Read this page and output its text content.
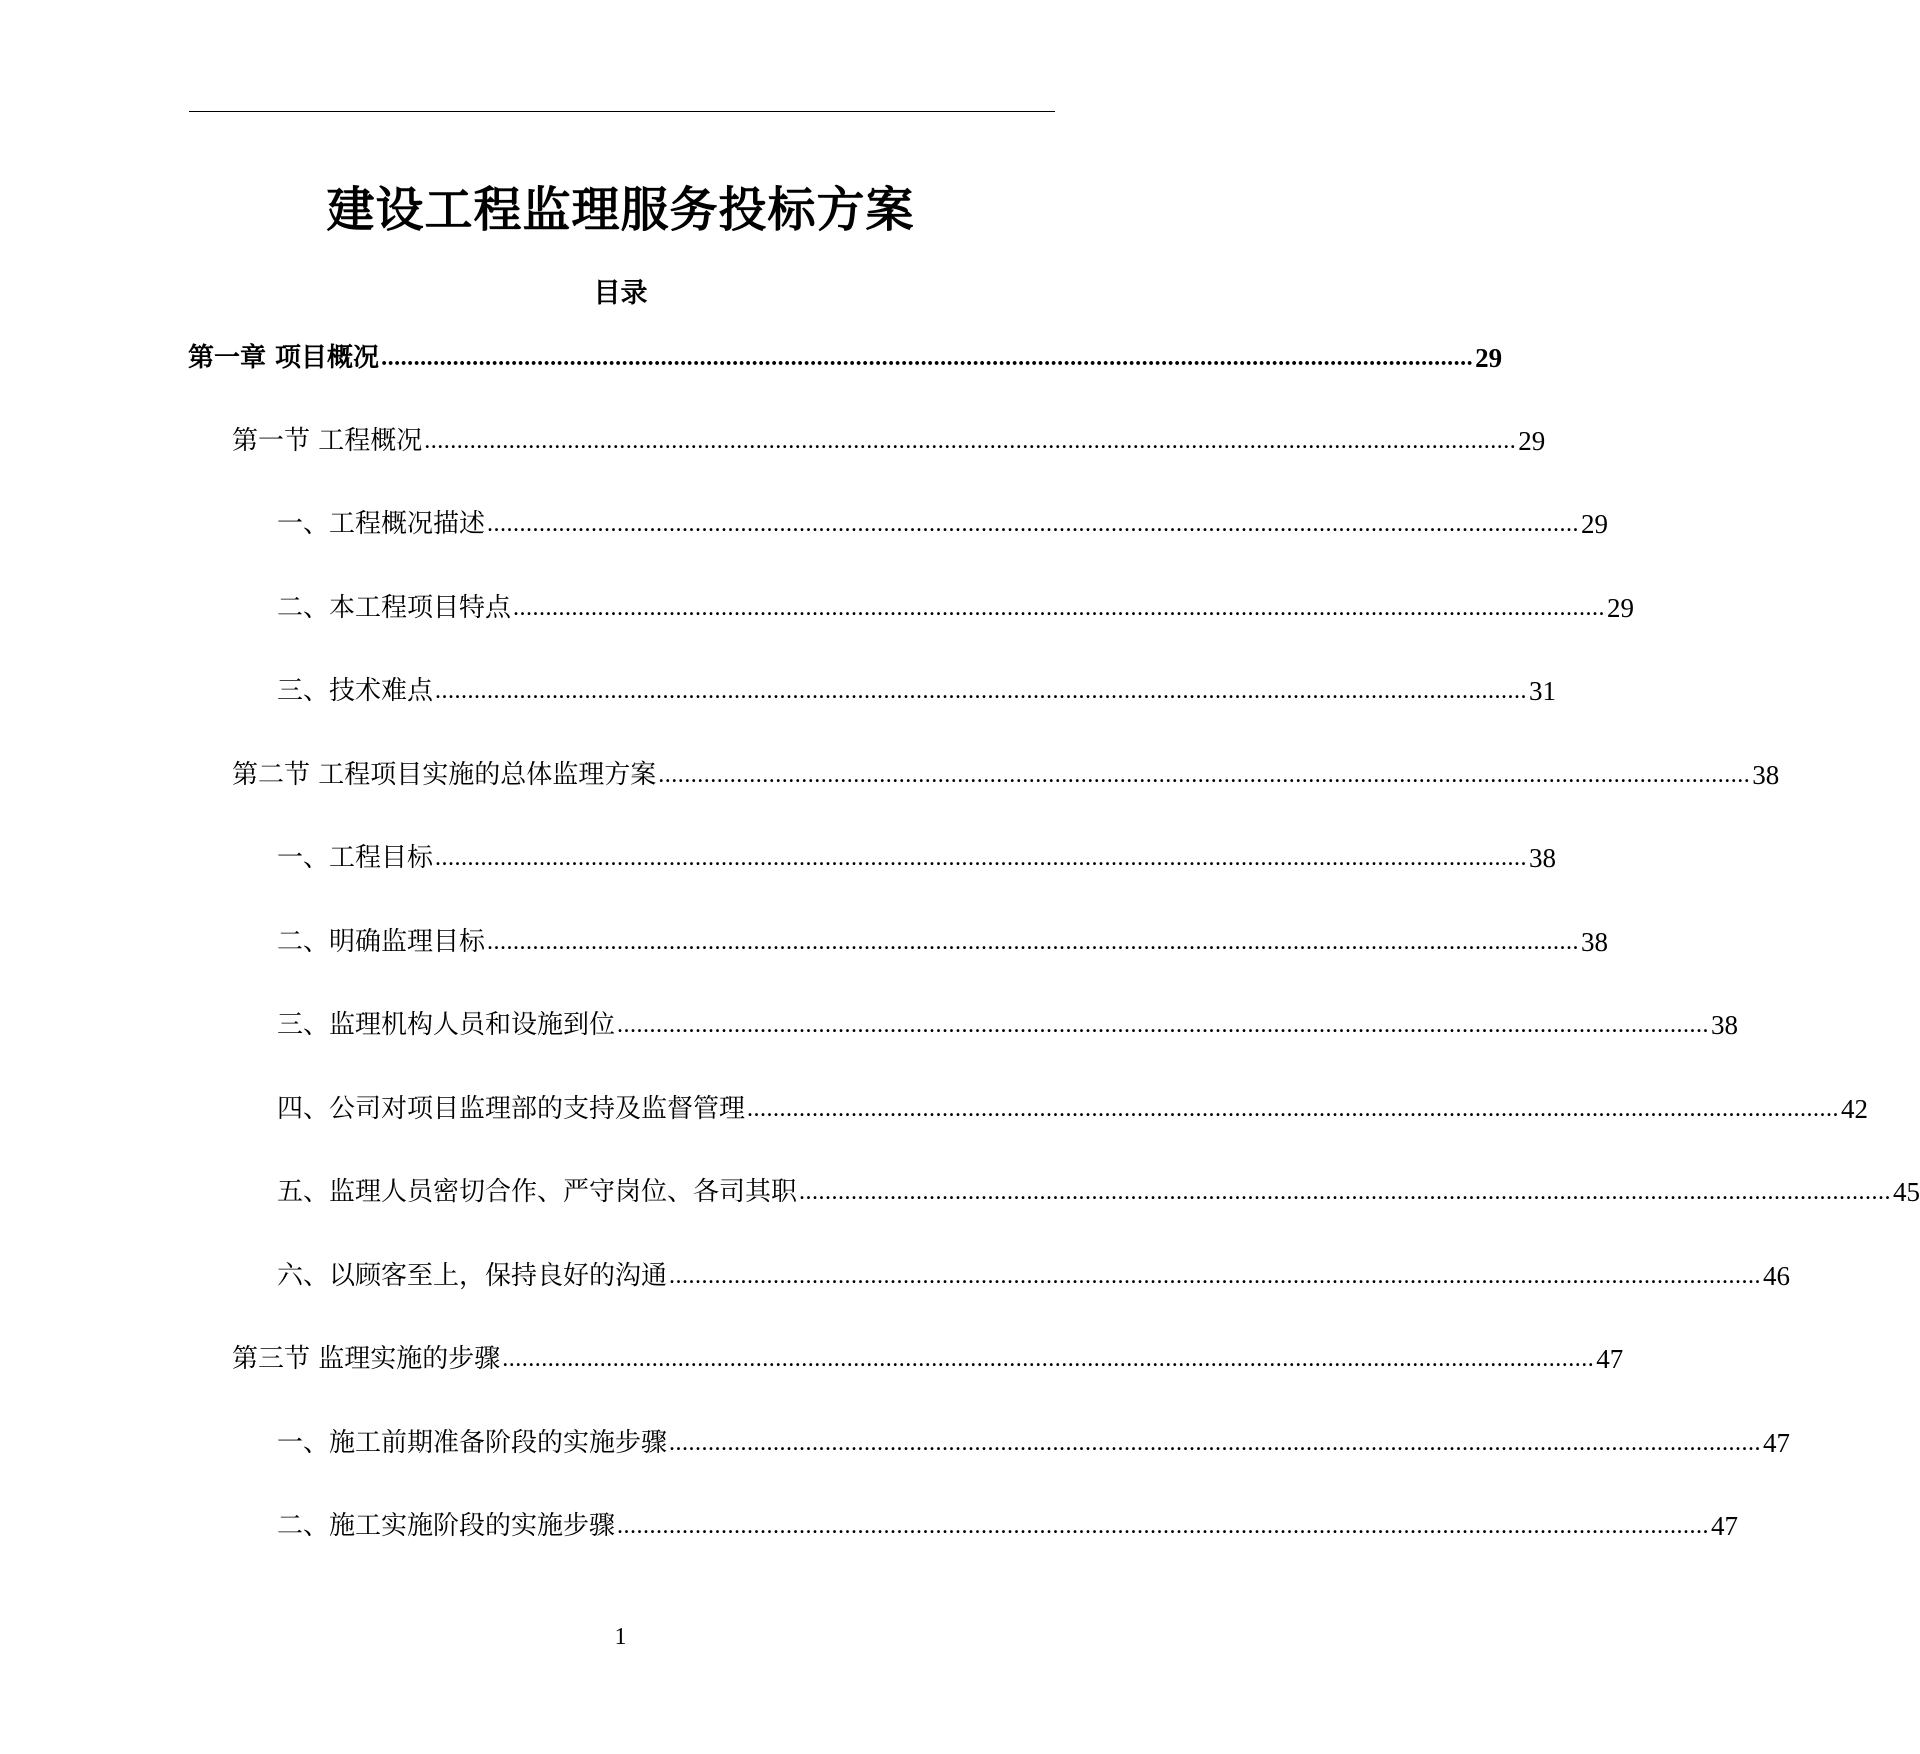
建设工程监理服务投标方案
目录
第一章 项目概况 ........................................................................................................................................................................ 29
第一节 工程概况 ........................................................................................................................................................................ 29
一、工程概况描述 ........................................................................................................................................................................ 29
二、本工程项目特点 ........................................................................................................................................................................ 29
三、技术难点 ........................................................................................................................................................................ 31
第二节 工程项目实施的总体监理方案 ........................................................................................................................................................................ 38
一、工程目标 ........................................................................................................................................................................ 38
二、明确监理目标 ........................................................................................................................................................................ 38
三、监理机构人员和设施到位 ........................................................................................................................................................................ 38
四、公司对项目监理部的支持及监督管理 ........................................................................................................................................................................ 42
五、监理人员密切合作、严守岗位、各司其职 ........................................................................................................................................................................ 45
六、以顾客至上，保持良好的沟通 ........................................................................................................................................................................ 46
第三节 监理实施的步骤 ........................................................................................................................................................................ 47
一、施工前期准备阶段的实施步骤 ........................................................................................................................................................................ 47
二、施工实施阶段的实施步骤 ........................................................................................................................................................................ 47
1
